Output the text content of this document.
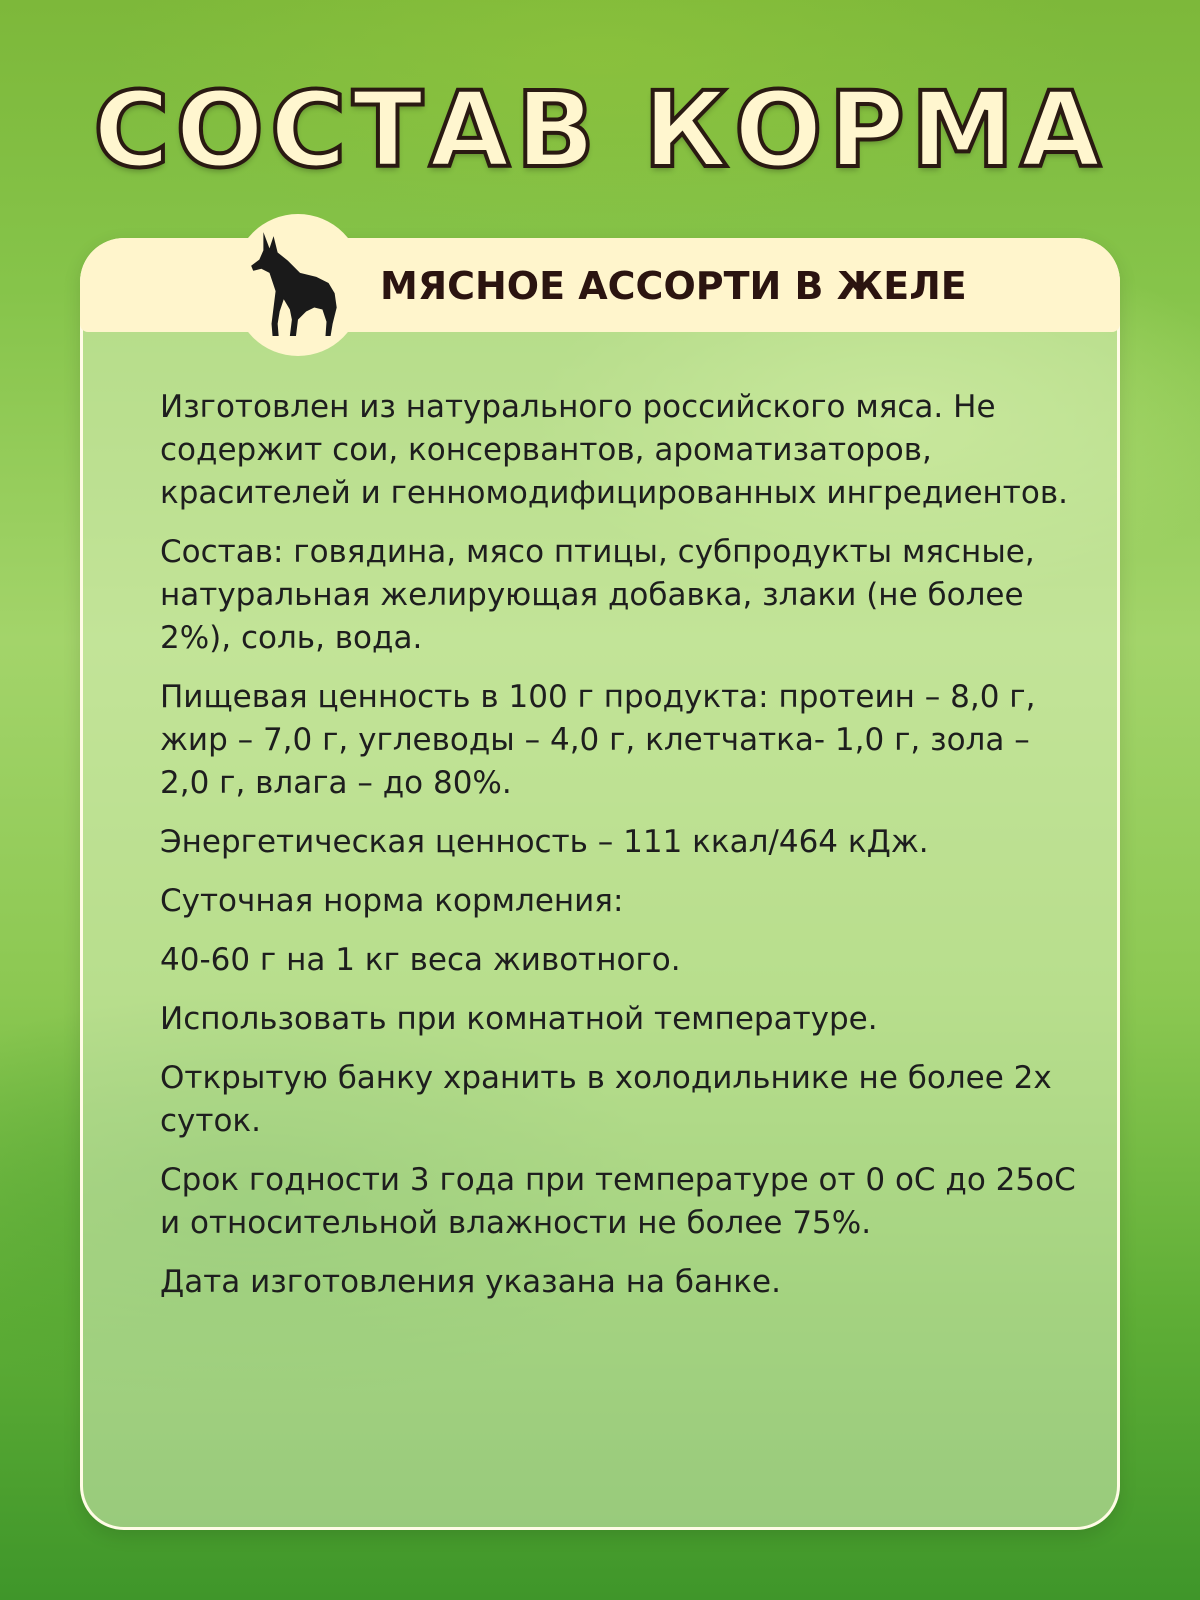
СОСТАВ КОРМА
МЯСНОЕ АССОРТИ В ЖЕЛЕ

Изготовлен из натурального российского мяса. Не содержит сои, консервантов, ароматизаторов, красителей и генномодифицированных ингредиентов.

Состав: говядина, мясо птицы, субпродукты мясные, натуральная желирующая добавка, злаки (не более 2%), соль, вода.

Пищевая ценность в 100 г продукта: протеин – 8,0 г, жир – 7,0 г, углеводы – 4,0 г, клетчатка- 1,0 г, зола – 2,0 г, влага – до 80%.

Энергетическая ценность – 111 ккал/464 кДж.

Суточная норма кормления:

40-60 г на 1 кг веса животного.

Использовать при комнатной температуре.

Открытую банку хранить в холодильнике не более 2х суток.

Срок годности 3 года при температуре от 0 оС до 25оС и относительной влажности не более 75%.

Дата изготовления указана на банке.
